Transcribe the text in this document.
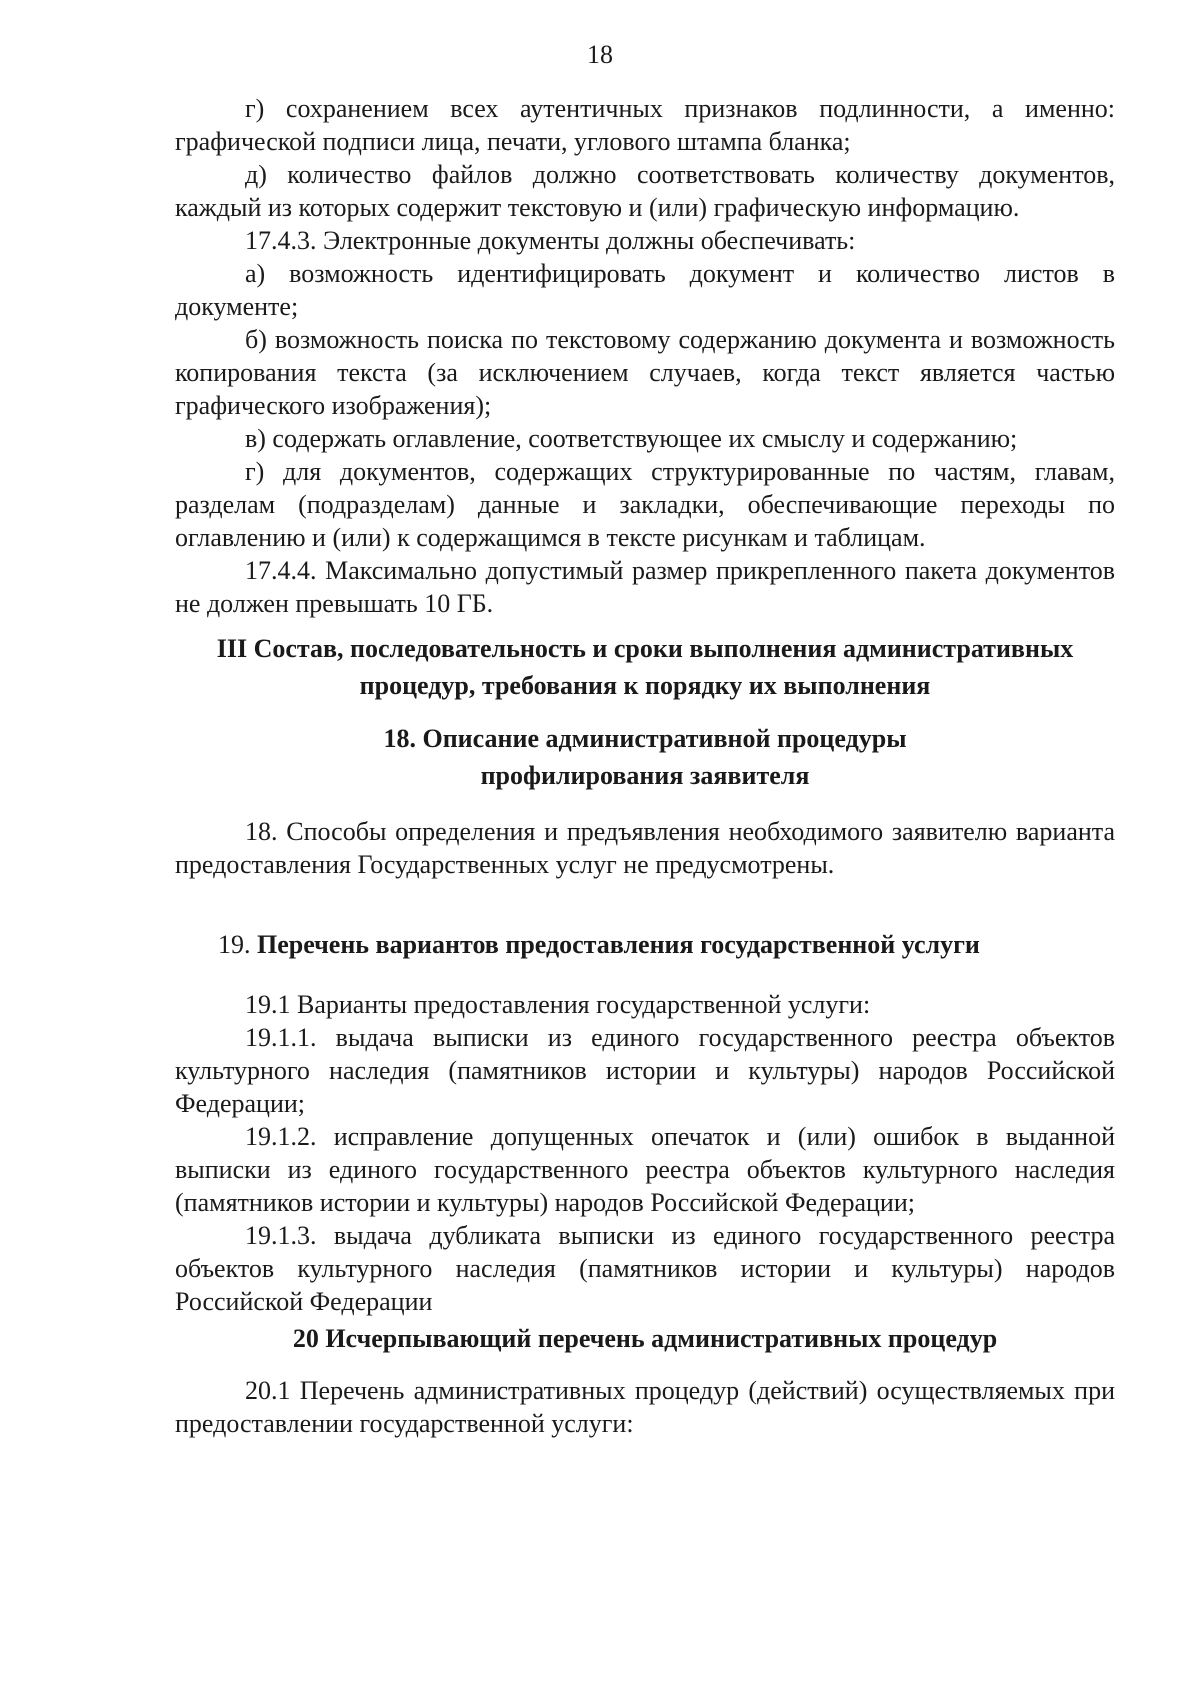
18

г) сохранением всех аутентичных признаков подлинности, а именно: графической подписи лица, печати, углового штампа бланка;

д) количество файлов должно соответствовать количеству документов, каждый из которых содержит текстовую и (или) графическую информацию.

17.4.3. Электронные документы должны обеспечивать:

а) возможность идентифицировать документ и количество листов в документе;

б) возможность поиска по текстовому содержанию документа и возможность копирования текста (за исключением случаев, когда текст является частью графического изображения);

в) содержать оглавление, соответствующее их смыслу и содержанию;

г) для документов, содержащих структурированные по частям, главам, разделам (подразделам) данные и закладки, обеспечивающие переходы по оглавлению и (или) к содержащимся в тексте рисункам и таблицам.

17.4.4. Максимально допустимый размер прикрепленного пакета документов не должен превышать 10 ГБ.

III Состав, последовательность и сроки выполнения административных процедур, требования к порядку их выполнения
18. Описание административной процедуры
профилирования заявителя

18. Способы определения и предъявления необходимого заявителю варианта предоставления Государственных услуг не предусмотрены.

19. Перечень вариантов предоставления государственной услуги

19.1 Варианты предоставления государственной услуги:

19.1.1. выдача выписки из единого государственного реестра объектов культурного наследия (памятников истории и культуры) народов Российской Федерации;

19.1.2. исправление допущенных опечаток и (или) ошибок в выданной выписки из единого государственного реестра объектов культурного наследия (памятников истории и культуры) народов Российской Федерации;

19.1.3. выдача дубликата выписки из единого государственного реестра объектов культурного наследия (памятников истории и культуры) народов Российской Федерации

20 Исчерпывающий перечень административных процедур

20.1 Перечень административных процедур (действий) осуществляемых при предоставлении государственной услуги:
